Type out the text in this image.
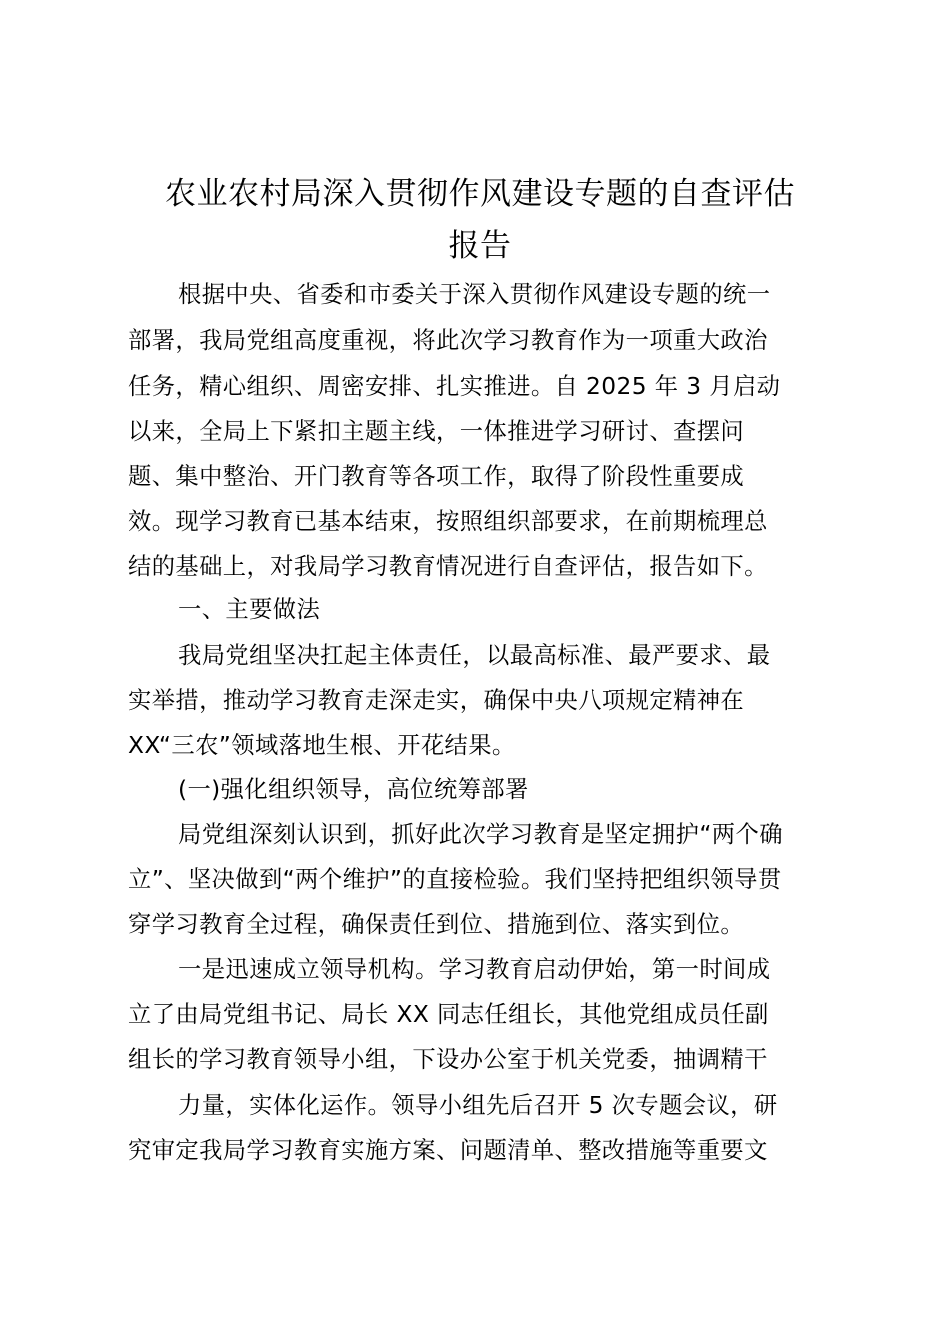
农业农村局深入贯彻作风建设专题的自查评估
报告
根据中央、省委和市委关于深入贯彻作风建设专题的统一
部署，我局党组高度重视，将此次学习教育作为一项重大政治
任务，精心组织、周密安排、扎实推进。自 2025 年 3 月启动
以来，全局上下紧扣主题主线，一体推进学习研讨、查摆问
题、集中整治、开门教育等各项工作，取得了阶段性重要成
效。现学习教育已基本结束，按照组织部要求，在前期梳理总
结的基础上，对我局学习教育情况进行自查评估，报告如下。
一、主要做法
我局党组坚决扛起主体责任，以最高标准、最严要求、最
实举措，推动学习教育走深走实，确保中央八项规定精神在
XX“三农”领域落地生根、开花结果。
(一)强化组织领导，高位统筹部署
局党组深刻认识到，抓好此次学习教育是坚定拥护“两个确
立”、坚决做到“两个维护”的直接检验。我们坚持把组织领导贯
穿学习教育全过程，确保责任到位、措施到位、落实到位。
一是迅速成立领导机构。学习教育启动伊始，第一时间成
立了由局党组书记、局长 XX 同志任组长，其他党组成员任副
组长的学习教育领导小组，下设办公室于机关党委，抽调精干
力量，实体化运作。领导小组先后召开 5 次专题会议，研
究审定我局学习教育实施方案、问题清单、整改措施等重要文
